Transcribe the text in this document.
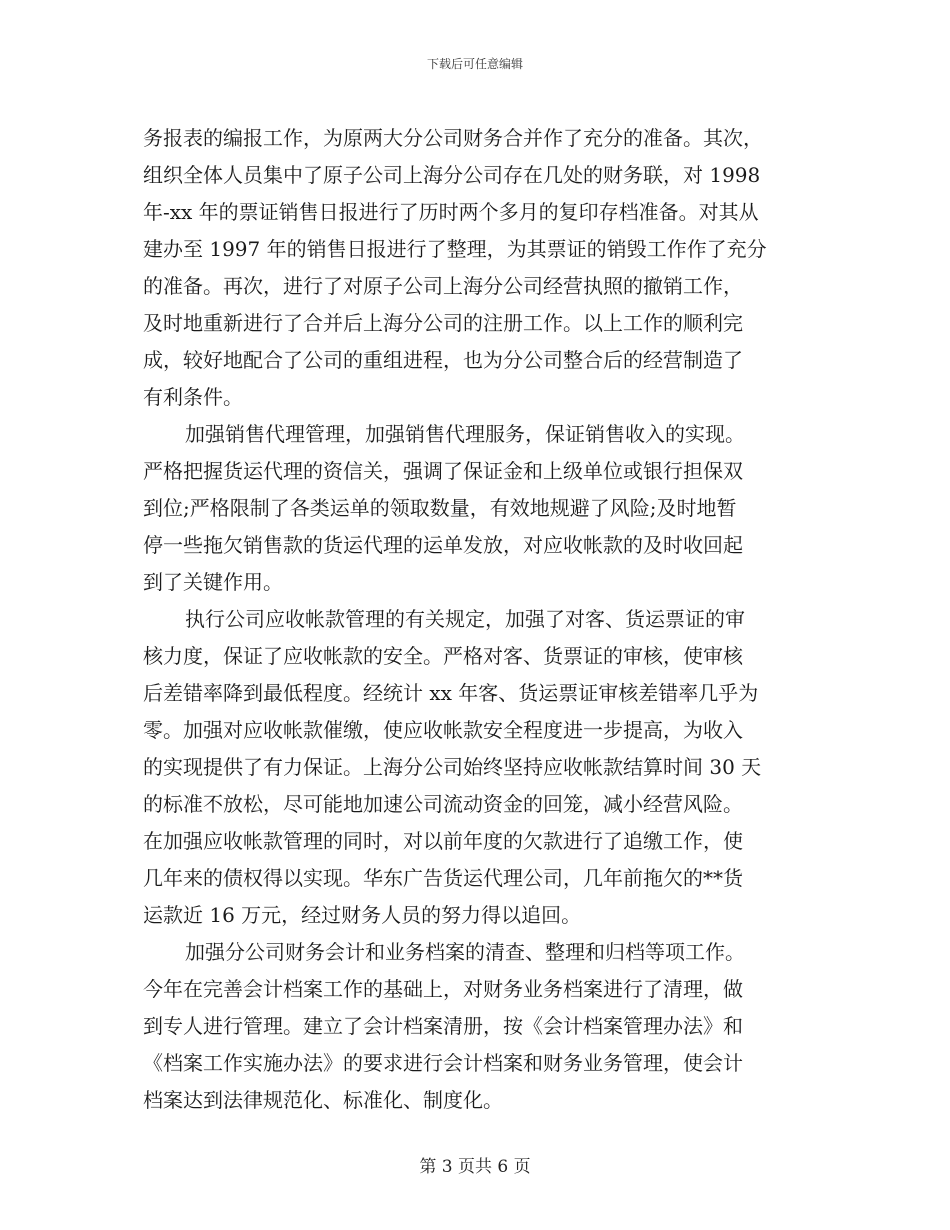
下载后可任意编辑
务报表的编报工作，为原两大分公司财务合并作了充分的准备。其次，
组织全体人员集中了原子公司上海分公司存在几处的财务联，对 1998
年-xx 年的票证销售日报进行了历时两个多月的复印存档准备。对其从
建办至 1997 年的销售日报进行了整理，为其票证的销毁工作作了充分
的准备。再次，进行了对原子公司上海分公司经营执照的撤销工作，
及时地重新进行了合并后上海分公司的注册工作。以上工作的顺利完
成，较好地配合了公司的重组进程，也为分公司整合后的经营制造了
有利条件。
加强销售代理管理，加强销售代理服务，保证销售收入的实现。
严格把握货运代理的资信关，强调了保证金和上级单位或银行担保双
到位;严格限制了各类运单的领取数量，有效地规避了风险;及时地暂
停一些拖欠销售款的货运代理的运单发放，对应收帐款的及时收回起
到了关键作用。
执行公司应收帐款管理的有关规定，加强了对客、货运票证的审
核力度，保证了应收帐款的安全。严格对客、货票证的审核，使审核
后差错率降到最低程度。经统计 xx 年客、货运票证审核差错率几乎为
零。加强对应收帐款催缴，使应收帐款安全程度进一步提高，为收入
的实现提供了有力保证。上海分公司始终坚持应收帐款结算时间 30 天
的标准不放松，尽可能地加速公司流动资金的回笼，减小经营风险。
在加强应收帐款管理的同时，对以前年度的欠款进行了追缴工作，使
几年来的债权得以实现。华东广告货运代理公司，几年前拖欠的**货
运款近 16 万元，经过财务人员的努力得以追回。
加强分公司财务会计和业务档案的清查、整理和归档等项工作。
今年在完善会计档案工作的基础上，对财务业务档案进行了清理，做
到专人进行管理。建立了会计档案清册，按《会计档案管理办法》和
《档案工作实施办法》的要求进行会计档案和财务业务管理，使会计
档案达到法律规范化、标准化、制度化。
第 3 页共 6 页
